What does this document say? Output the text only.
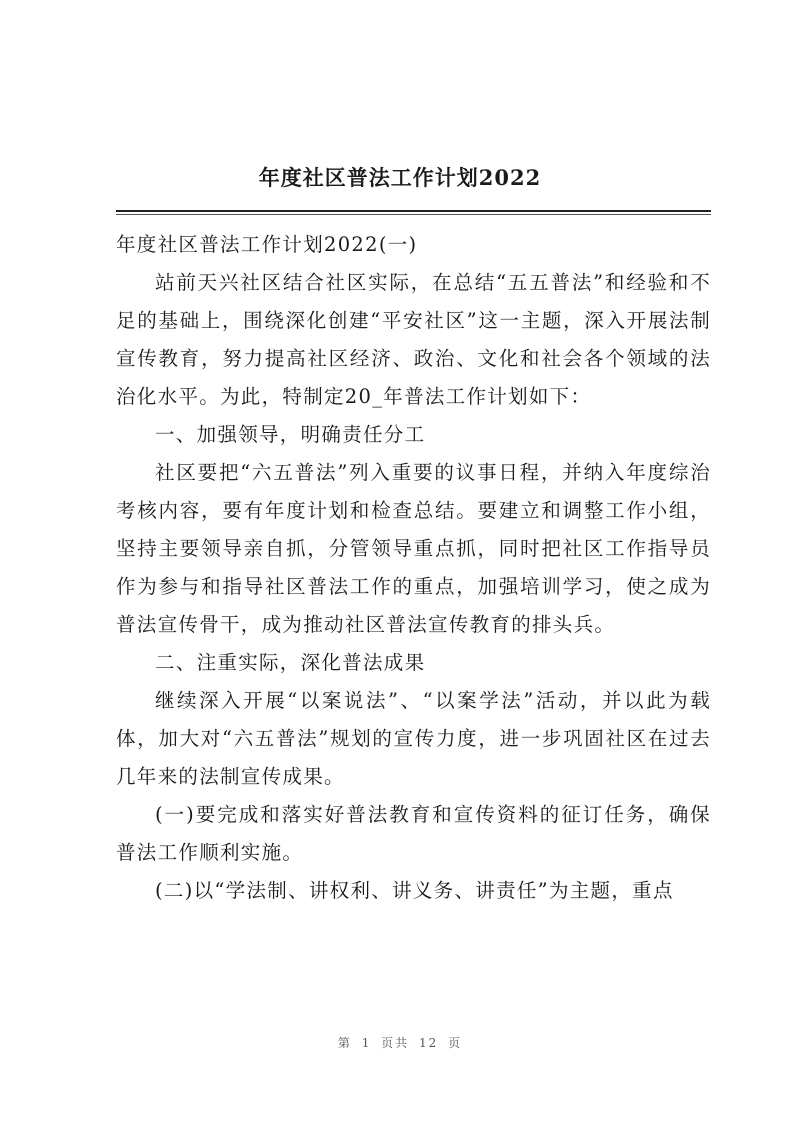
年度社区普法工作计划2022

年度社区普法工作计划2022(一)

站前天兴社区结合社区实际，在总结“五五普法”和经验和不足的基础上，围绕深化创建“平安社区”这一主题，深入开展法制宣传教育，努力提高社区经济、政治、文化和社会各个领域的法治化水平。为此，特制定20_年普法工作计划如下：

一、加强领导，明确责任分工

社区要把“六五普法”列入重要的议事日程，并纳入年度综治考核内容，要有年度计划和检查总结。要建立和调整工作小组，坚持主要领导亲自抓，分管领导重点抓，同时把社区工作指导员作为参与和指导社区普法工作的重点，加强培训学习，使之成为普法宣传骨干，成为推动社区普法宣传教育的排头兵。

二、注重实际，深化普法成果

继续深入开展“以案说法”、“以案学法”活动，并以此为载体，加大对“六五普法”规划的宣传力度，进一步巩固社区在过去几年来的法制宣传成果。

(一)要完成和落实好普法教育和宣传资料的征订任务，确保普法工作顺利实施。

(二)以“学法制、讲权利、讲义务、讲责任”为主题，重点

第 1 页共 12 页
